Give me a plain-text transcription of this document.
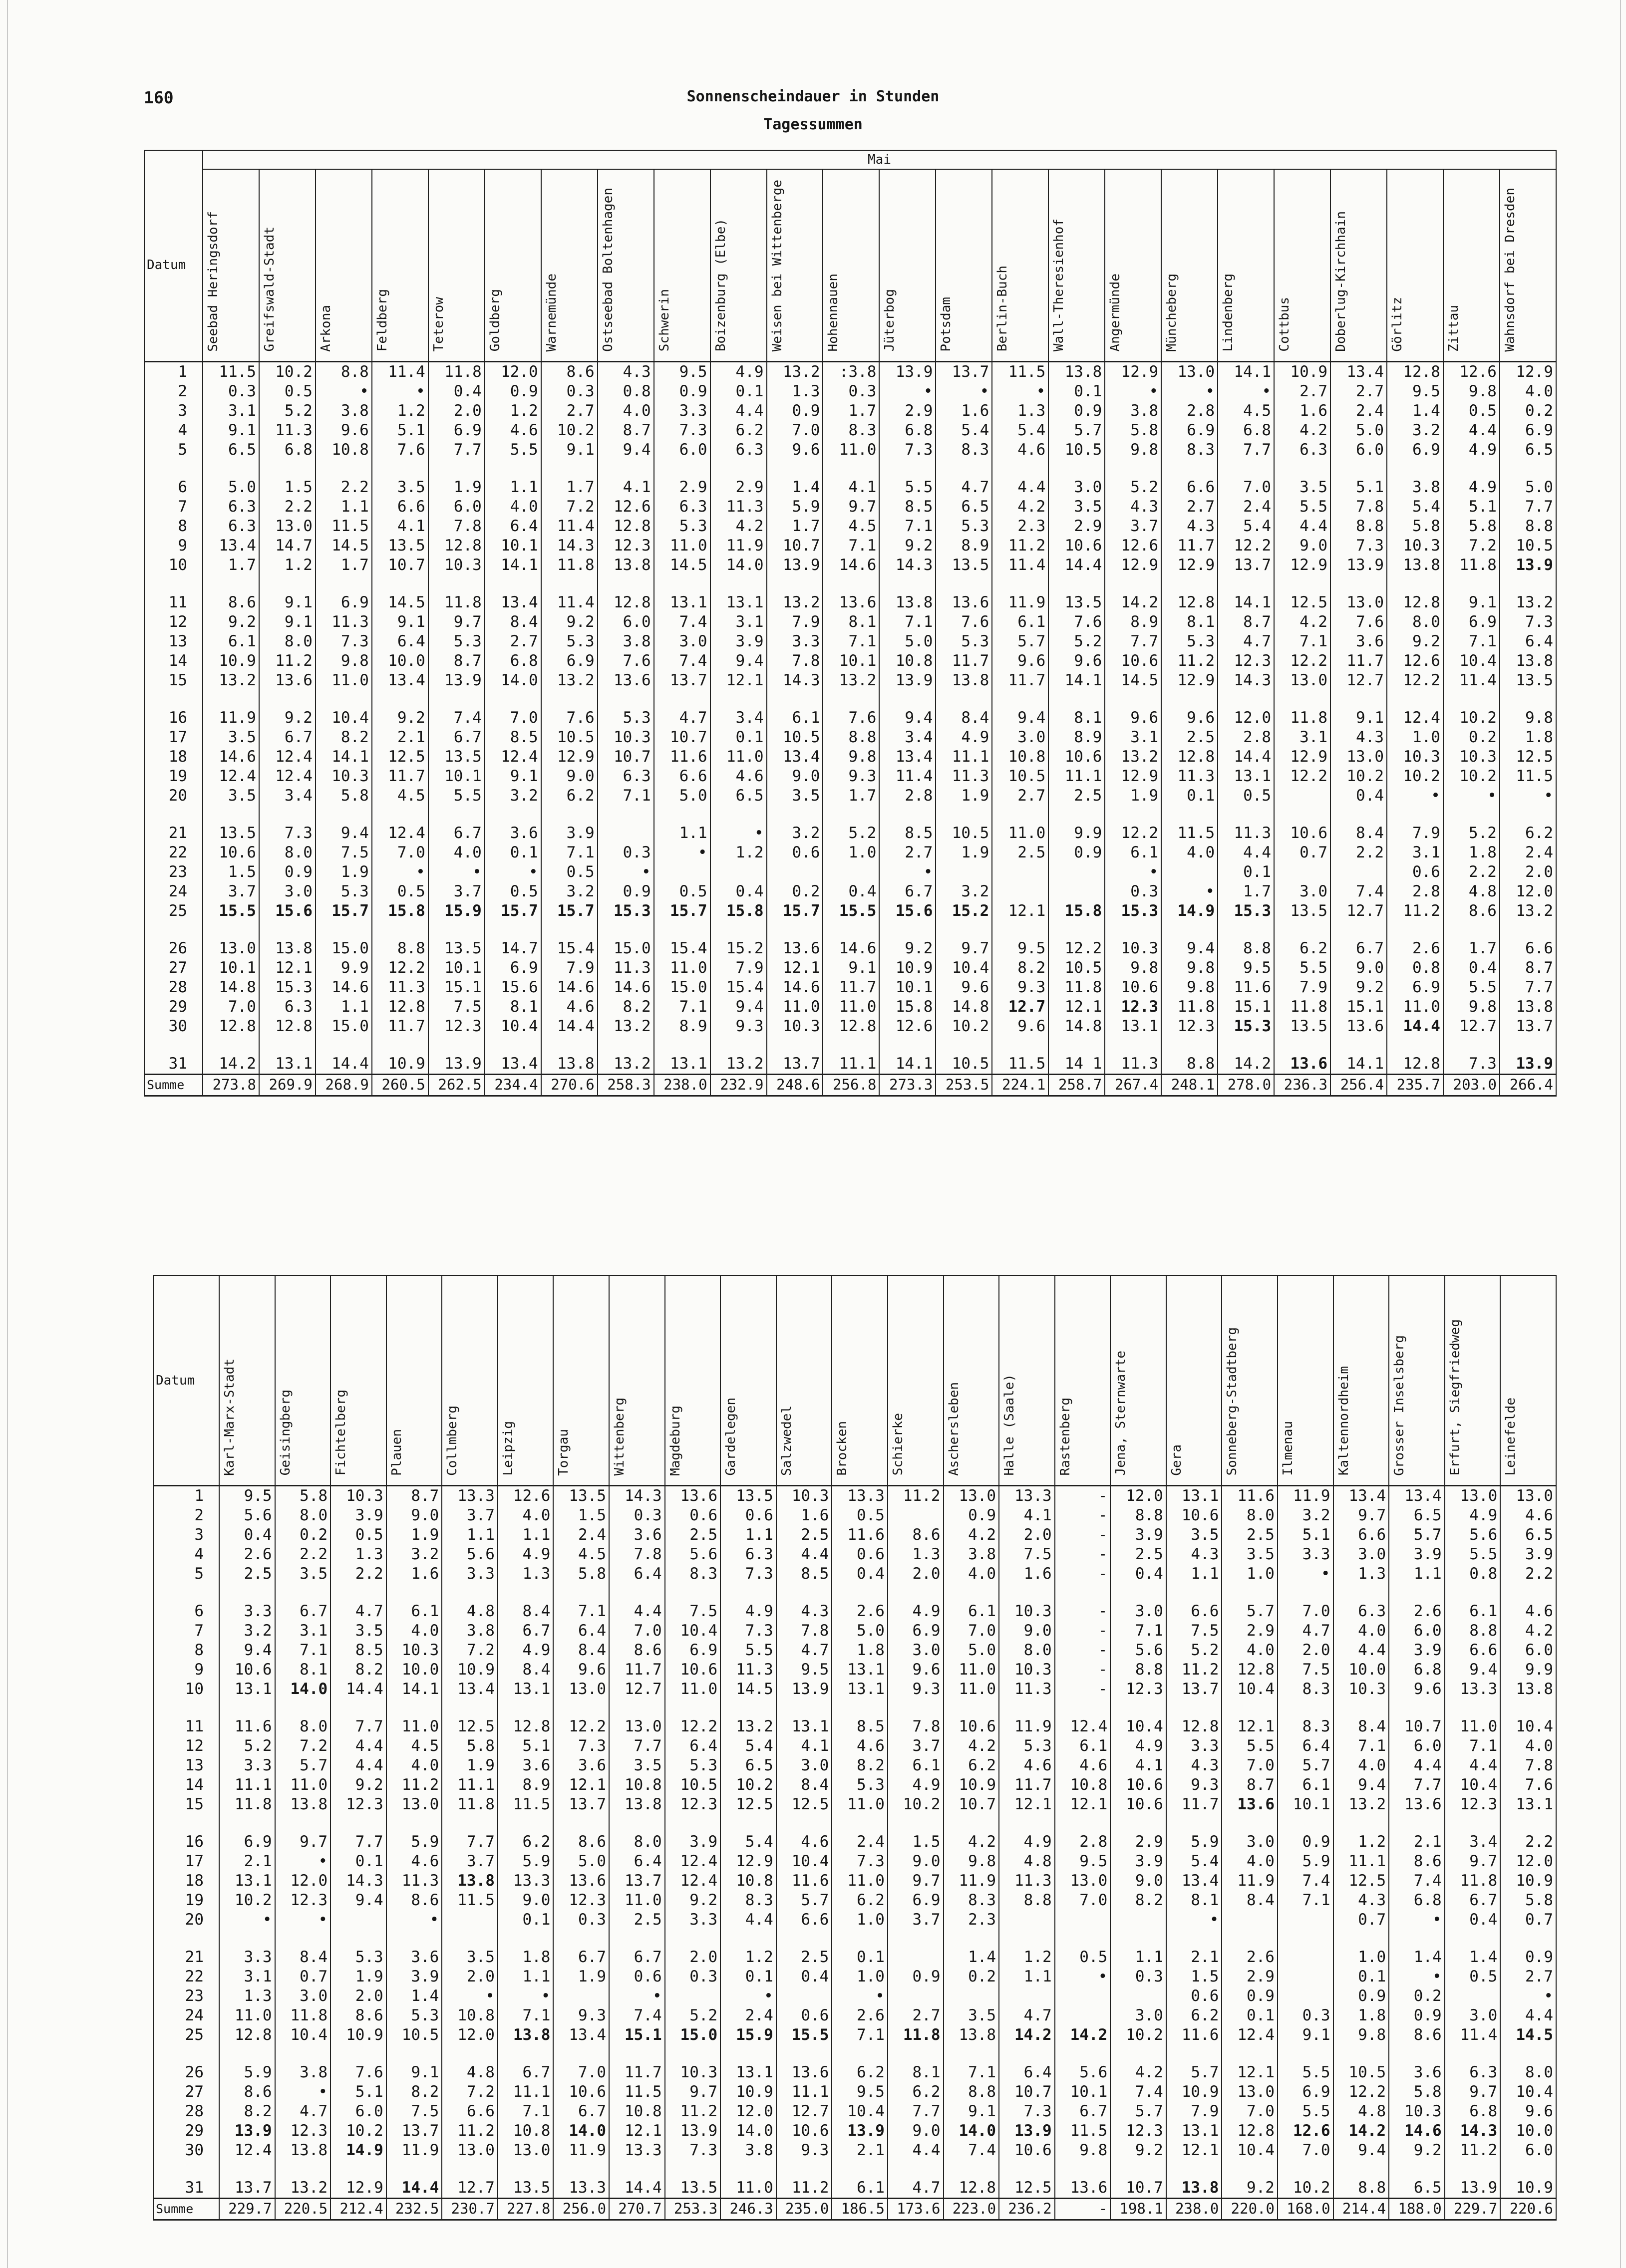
160	Sonnenscheindauer in Stunden
Tagessummen
	Mai																							
Datum	Seebad Heringsdorf	Greifswald-Stadt	Arkona	Feldberg	Teterow	Goldberg	Warnemünde	Ostseebad Boltenhagen	Schwerin	Boizenburg (Elbe)	Weisen bei Wittenberge	Hohennauen	Jüterbog	Potsdam	Berlin-Buch	Wall-Theresienhof	Angermünde	Müncheberg	Lindenberg	Cottbus	Doberlug-Kirchhain	Görlitz	Zittau	Wahnsdorf bei Dresden
1	11.5	10.2	8.8	11.4	11.8	12.0	8.6	4.3	9.5	4.9	13.2	:3.8	13.9	13.7	11.5	13.8	12.9	13.0	14.1	10.9	13.4	12.8	12.6	12.9
2	0.3	0.5	•	•	0.4	0.9	0.3	0.8	0.9	0.1	1.3	0.3	•	•	•	0.1	•	•	•	2.7	2.7	9.5	9.8	4.0
3	3.1	5.2	3.8	1.2	2.0	1.2	2.7	4.0	3.3	4.4	0.9	1.7	2.9	1.6	1.3	0.9	3.8	2.8	4.5	1.6	2.4	1.4	0.5	0.2
4	9.1	11.3	9.6	5.1	6.9	4.6	10.2	8.7	7.3	6.2	7.0	8.3	6.8	5.4	5.4	5.7	5.8	6.9	6.8	4.2	5.0	3.2	4.4	6.9
5	6.5	6.8	10.8	7.6	7.7	5.5	9.1	9.4	6.0	6.3	9.6	11.0	7.3	8.3	4.6	10.5	9.8	8.3	7.7	6.3	6.0	6.9	4.9	6.5
6	5.0	1.5	2.2	3.5	1.9	1.1	1.7	4.1	2.9	2.9	1.4	4.1	5.5	4.7	4.4	3.0	5.2	6.6	7.0	3.5	5.1	3.8	4.9	5.0
7	6.3	2.2	1.1	6.6	6.0	4.0	7.2	12.6	6.3	11.3	5.9	9.7	8.5	6.5	4.2	3.5	4.3	2.7	2.4	5.5	7.8	5.4	5.1	7.7
8	6.3	13.0	11.5	4.1	7.8	6.4	11.4	12.8	5.3	4.2	1.7	4.5	7.1	5.3	2.3	2.9	3.7	4.3	5.4	4.4	8.8	5.8	5.8	8.8
9	13.4	14.7	14.5	13.5	12.8	10.1	14.3	12.3	11.0	11.9	10.7	7.1	9.2	8.9	11.2	10.6	12.6	11.7	12.2	9.0	7.3	10.3	7.2	10.5
10	1.7	1.2	1.7	10.7	10.3	14.1	11.8	13.8	14.5	14.0	13.9	14.6	14.3	13.5	11.4	14.4	12.9	12.9	13.7	12.9	13.9	13.8	11.8	13.9
11	8.6	9.1	6.9	14.5	11.8	13.4	11.4	12.8	13.1	13.1	13.2	13.6	13.8	13.6	11.9	13.5	14.2	12.8	14.1	12.5	13.0	12.8	9.1	13.2
12	9.2	9.1	11.3	9.1	9.7	8.4	9.2	6.0	7.4	3.1	7.9	8.1	7.1	7.6	6.1	7.6	8.9	8.1	8.7	4.2	7.6	8.0	6.9	7.3
13	6.1	8.0	7.3	6.4	5.3	2.7	5.3	3.8	3.0	3.9	3.3	7.1	5.0	5.3	5.7	5.2	7.7	5.3	4.7	7.1	3.6	9.2	7.1	6.4
14	10.9	11.2	9.8	10.0	8.7	6.8	6.9	7.6	7.4	9.4	7.8	10.1	10.8	11.7	9.6	9.6	10.6	11.2	12.3	12.2	11.7	12.6	10.4	13.8
15	13.2	13.6	11.0	13.4	13.9	14.0	13.2	13.6	13.7	12.1	14.3	13.2	13.9	13.8	11.7	14.1	14.5	12.9	14.3	13.0	12.7	12.2	11.4	13.5
16	11.9	9.2	10.4	9.2	7.4	7.0	7.6	5.3	4.7	3.4	6.1	7.6	9.4	8.4	9.4	8.1	9.6	9.6	12.0	11.8	9.1	12.4	10.2	9.8
17	3.5	6.7	8.2	2.1	6.7	8.5	10.5	10.3	10.7	0.1	10.5	8.8	3.4	4.9	3.0	8.9	3.1	2.5	2.8	3.1	4.3	1.0	0.2	1.8
18	14.6	12.4	14.1	12.5	13.5	12.4	12.9	10.7	11.6	11.0	13.4	9.8	13.4	11.1	10.8	10.6	13.2	12.8	14.4	12.9	13.0	10.3	10.3	12.5
19	12.4	12.4	10.3	11.7	10.1	9.1	9.0	6.3	6.6	4.6	9.0	9.3	11.4	11.3	10.5	11.1	12.9	11.3	13.1	12.2	10.2	10.2	10.2	11.5
20	3.5	3.4	5.8	4.5	5.5	3.2	6.2	7.1	5.0	6.5	3.5	1.7	2.8	1.9	2.7	2.5	1.9	0.1	0.5		0.4	•	•	•
21	13.5	7.3	9.4	12.4	6.7	3.6	3.9		1.1	•	3.2	5.2	8.5	10.5	11.0	9.9	12.2	11.5	11.3	10.6	8.4	7.9	5.2	6.2
22	10.6	8.0	7.5	7.0	4.0	0.1	7.1	0.3	•	1.2	0.6	1.0	2.7	1.9	2.5	0.9	6.1	4.0	4.4	0.7	2.2	3.1	1.8	2.4
23	1.5	0.9	1.9	•	•	•	0.5	•					•				•		0.1			0.6	2.2	2.0
24	3.7	3.0	5.3	0.5	3.7	0.5	3.2	0.9	0.5	0.4	0.2	0.4	6.7	3.2			0.3	•	1.7	3.0	7.4	2.8	4.8	12.0
25	15.5	15.6	15.7	15.8	15.9	15.7	15.7	15.3	15.7	15.8	15.7	15.5	15.6	15.2	12.1	15.8	15.3	14.9	15.3	13.5	12.7	11.2	8.6	13.2
26	13.0	13.8	15.0	8.8	13.5	14.7	15.4	15.0	15.4	15.2	13.6	14.6	9.2	9.7	9.5	12.2	10.3	9.4	8.8	6.2	6.7	2.6	1.7	6.6
27	10.1	12.1	9.9	12.2	10.1	6.9	7.9	11.3	11.0	7.9	12.1	9.1	10.9	10.4	8.2	10.5	9.8	9.8	9.5	5.5	9.0	0.8	0.4	8.7
28	14.8	15.3	14.6	11.3	15.1	15.6	14.6	14.6	15.0	15.4	14.6	11.7	10.1	9.6	9.3	11.8	10.6	9.8	11.6	7.9	9.2	6.9	5.5	7.7
29	7.0	6.3	1.1	12.8	7.5	8.1	4.6	8.2	7.1	9.4	11.0	11.0	15.8	14.8	12.7	12.1	12.3	11.8	15.1	11.8	15.1	11.0	9.8	13.8
30	12.8	12.8	15.0	11.7	12.3	10.4	14.4	13.2	8.9	9.3	10.3	12.8	12.6	10.2	9.6	14.8	13.1	12.3	15.3	13.5	13.6	14.4	12.7	13.7
31	14.2	13.1	14.4	10.9	13.9	13.4	13.8	13.2	13.1	13.2	13.7	11.1	14.1	10.5	11.5	14 1	11.3	8.8	14.2	13.6	14.1	12.8	7.3	13.9
Summe	273.8	269.9	268.9	260.5	262.5	234.4	270.6	258.3	238.0	232.9	248.6	256.8	273.3	253.5	224.1	258.7	267.4	248.1	278.0	236.3	256.4	235.7	203.0	266.4
Datum	Karl-Marx-Stadt	Geisingberg	Fichtelberg	Plauen	Collmberg	Leipzig	Torgau	Wittenberg	Magdeburg	Gardelegen	Salzwedel	Brocken	Schierke	Aschersleben	Halle (Saale)	Rastenberg	Jena, Sternwarte	Gera	Sonneberg-Stadtberg	Ilmenau	Kaltennordheim	Grosser Inselsberg	Erfurt, Siegfriedweg	Leinefelde
1	9.5	5.8	10.3	8.7	13.3	12.6	13.5	14.3	13.6	13.5	10.3	13.3	11.2	13.0	13.3	-	12.0	13.1	11.6	11.9	13.4	13.4	13.0	13.0
2	5.6	8.0	3.9	9.0	3.7	4.0	1.5	0.3	0.6	0.6	1.6	0.5		0.9	4.1	-	8.8	10.6	8.0	3.2	9.7	6.5	4.9	4.6
3	0.4	0.2	0.5	1.9	1.1	1.1	2.4	3.6	2.5	1.1	2.5	11.6	8.6	4.2	2.0	-	3.9	3.5	2.5	5.1	6.6	5.7	5.6	6.5
4	2.6	2.2	1.3	3.2	5.6	4.9	4.5	7.8	5.6	6.3	4.4	0.6	1.3	3.8	7.5	-	2.5	4.3	3.5	3.3	3.0	3.9	5.5	3.9
5	2.5	3.5	2.2	1.6	3.3	1.3	5.8	6.4	8.3	7.3	8.5	0.4	2.0	4.0	1.6	-	0.4	1.1	1.0	•	1.3	1.1	0.8	2.2
6	3.3	6.7	4.7	6.1	4.8	8.4	7.1	4.4	7.5	4.9	4.3	2.6	4.9	6.1	10.3	-	3.0	6.6	5.7	7.0	6.3	2.6	6.1	4.6
7	3.2	3.1	3.5	4.0	3.8	6.7	6.4	7.0	10.4	7.3	7.8	5.0	6.9	7.0	9.0	-	7.1	7.5	2.9	4.7	4.0	6.0	8.8	4.2
8	9.4	7.1	8.5	10.3	7.2	4.9	8.4	8.6	6.9	5.5	4.7	1.8	3.0	5.0	8.0	-	5.6	5.2	4.0	2.0	4.4	3.9	6.6	6.0
9	10.6	8.1	8.2	10.0	10.9	8.4	9.6	11.7	10.6	11.3	9.5	13.1	9.6	11.0	10.3	-	8.8	11.2	12.8	7.5	10.0	6.8	9.4	9.9
10	13.1	14.0	14.4	14.1	13.4	13.1	13.0	12.7	11.0	14.5	13.9	13.1	9.3	11.0	11.3	-	12.3	13.7	10.4	8.3	10.3	9.6	13.3	13.8
11	11.6	8.0	7.7	11.0	12.5	12.8	12.2	13.0	12.2	13.2	13.1	8.5	7.8	10.6	11.9	12.4	10.4	12.8	12.1	8.3	8.4	10.7	11.0	10.4
12	5.2	7.2	4.4	4.5	5.8	5.1	7.3	7.7	6.4	5.4	4.1	4.6	3.7	4.2	5.3	6.1	4.9	3.3	5.5	6.4	7.1	6.0	7.1	4.0
13	3.3	5.7	4.4	4.0	1.9	3.6	3.6	3.5	5.3	6.5	3.0	8.2	6.1	6.2	4.6	4.6	4.1	4.3	7.0	5.7	4.0	4.4	4.4	7.8
14	11.1	11.0	9.2	11.2	11.1	8.9	12.1	10.8	10.5	10.2	8.4	5.3	4.9	10.9	11.7	10.8	10.6	9.3	8.7	6.1	9.4	7.7	10.4	7.6
15	11.8	13.8	12.3	13.0	11.8	11.5	13.7	13.8	12.3	12.5	12.5	11.0	10.2	10.7	12.1	12.1	10.6	11.7	13.6	10.1	13.2	13.6	12.3	13.1
16	6.9	9.7	7.7	5.9	7.7	6.2	8.6	8.0	3.9	5.4	4.6	2.4	1.5	4.2	4.9	2.8	2.9	5.9	3.0	0.9	1.2	2.1	3.4	2.2
17	2.1	•	0.1	4.6	3.7	5.9	5.0	6.4	12.4	12.9	10.4	7.3	9.0	9.8	4.8	9.5	3.9	5.4	4.0	5.9	11.1	8.6	9.7	12.0
18	13.1	12.0	14.3	11.3	13.8	13.3	13.6	13.7	12.4	10.8	11.6	11.0	9.7	11.9	11.3	13.0	9.0	13.4	11.9	7.4	12.5	7.4	11.8	10.9
19	10.2	12.3	9.4	8.6	11.5	9.0	12.3	11.0	9.2	8.3	5.7	6.2	6.9	8.3	8.8	7.0	8.2	8.1	8.4	7.1	4.3	6.8	6.7	5.8
20	•	•		•		0.1	0.3	2.5	3.3	4.4	6.6	1.0	3.7	2.3				•			0.7	•	0.4	0.7
21	3.3	8.4	5.3	3.6	3.5	1.8	6.7	6.7	2.0	1.2	2.5	0.1		1.4	1.2	0.5	1.1	2.1	2.6		1.0	1.4	1.4	0.9
22	3.1	0.7	1.9	3.9	2.0	1.1	1.9	0.6	0.3	0.1	0.4	1.0	0.9	0.2	1.1	•	0.3	1.5	2.9		0.1	•	0.5	2.7
23	1.3	3.0	2.0	1.4	•	•		•		•		•						0.6	0.9		0.9	0.2		•
24	11.0	11.8	8.6	5.3	10.8	7.1	9.3	7.4	5.2	2.4	0.6	2.6	2.7	3.5	4.7		3.0	6.2	0.1	0.3	1.8	0.9	3.0	4.4
25	12.8	10.4	10.9	10.5	12.0	13.8	13.4	15.1	15.0	15.9	15.5	7.1	11.8	13.8	14.2	14.2	10.2	11.6	12.4	9.1	9.8	8.6	11.4	14.5
26	5.9	3.8	7.6	9.1	4.8	6.7	7.0	11.7	10.3	13.1	13.6	6.2	8.1	7.1	6.4	5.6	4.2	5.7	12.1	5.5	10.5	3.6	6.3	8.0
27	8.6	•	5.1	8.2	7.2	11.1	10.6	11.5	9.7	10.9	11.1	9.5	6.2	8.8	10.7	10.1	7.4	10.9	13.0	6.9	12.2	5.8	9.7	10.4
28	8.2	4.7	6.0	7.5	6.6	7.1	6.7	10.8	11.2	12.0	12.7	10.4	7.7	9.1	7.3	6.7	5.7	7.9	7.0	5.5	4.8	10.3	6.8	9.6
29	13.9	12.3	10.2	13.7	11.2	10.8	14.0	12.1	13.9	14.0	10.6	13.9	9.0	14.0	13.9	11.5	12.3	13.1	12.8	12.6	14.2	14.6	14.3	10.0
30	12.4	13.8	14.9	11.9	13.0	13.0	11.9	13.3	7.3	3.8	9.3	2.1	4.4	7.4	10.6	9.8	9.2	12.1	10.4	7.0	9.4	9.2	11.2	6.0
31	13.7	13.2	12.9	14.4	12.7	13.5	13.3	14.4	13.5	11.0	11.2	6.1	4.7	12.8	12.5	13.6	10.7	13.8	9.2	10.2	8.8	6.5	13.9	10.9
Summe	229.7	220.5	212.4	232.5	230.7	227.8	256.0	270.7	253.3	246.3	235.0	186.5	173.6	223.0	236.2	-	198.1	238.0	220.0	168.0	214.4	188.0	229.7	220.6
